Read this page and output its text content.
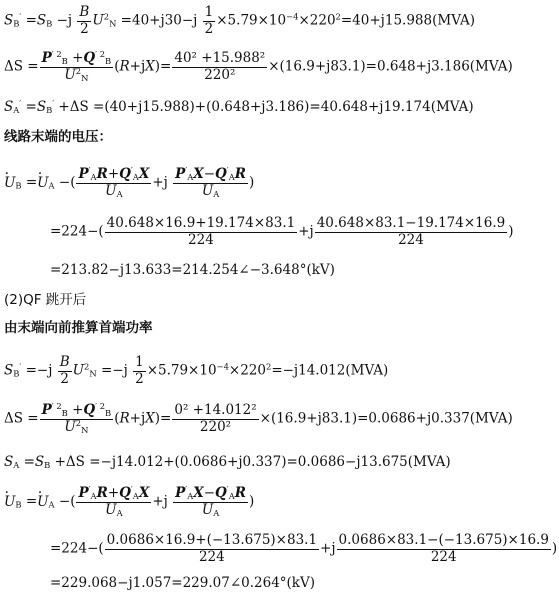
$S_B' =S_B -j \frac{B}{2} U^2_N =40+j30-j \frac{1}{2} \times 5.79\times 10^{-4}\times 220^2=40+j15.988(MVA)$
$\Delta S = \frac{P^{' 2}_B +Q^{' 2}_B}{U^2_N} (R+jX)= \frac{\text{40² +15.988²}}{\text{220²}} \times(16.9+j83.1)=0.648+j3.186(MVA)$
$S_A' =S_B' +\Delta S =(40+j15.988)+(0.648+j3.186)=40.648+j19.174(MVA)$
线路末端的电压：
· $U_B =\cdot U_A$ −( $\frac{P'_AR+Q'_AX}{U_A} +j \frac{P'_AX-Q'_AR}{U_A}$ )
$=224-( \frac{40.648\times 16.9+19.174\times 83.1}{224} +j \frac{40.648\times 83.1-19.174\times 16.9}{224}$ )
=213.82−j13.633=214.254∠−3.648°(kV)
(2)QF 跳开后
由末端向前推算首端功率
$S_B' =-j \frac{B}{2} U^2_N =-j \frac{1}{2} \times 5.79\times 10^{-4}\times 220^2=-j14.012(MVA)$
$\Delta S = \frac{P^{' 2}_B +Q^{' 2}_B}{U^2_N} (R+jX)= \frac{\text{0² +14.012²}}{\text{220²}} \times(16.9+j83.1)=0.0686+j0.337(MVA)$
$S_A =S_B +\Delta S =-j14.012+(0.0686+j0.337)=0.0686-j13.675(MVA)$
· $U_B =\cdot U_A$ −( $\frac{P'_AR+Q'_AX}{U_A} +j \frac{P'_AX-Q'_AR}{U_A}$ )
$=224-( \frac{0.0686\times 16.9+(-13.675)\times 83.1}{224} +j \frac{0.0686\times 83.1-(-13.675)\times 16.9}{224}$ )
=229.068−j1.057=229.07∠0.264°(kV)
